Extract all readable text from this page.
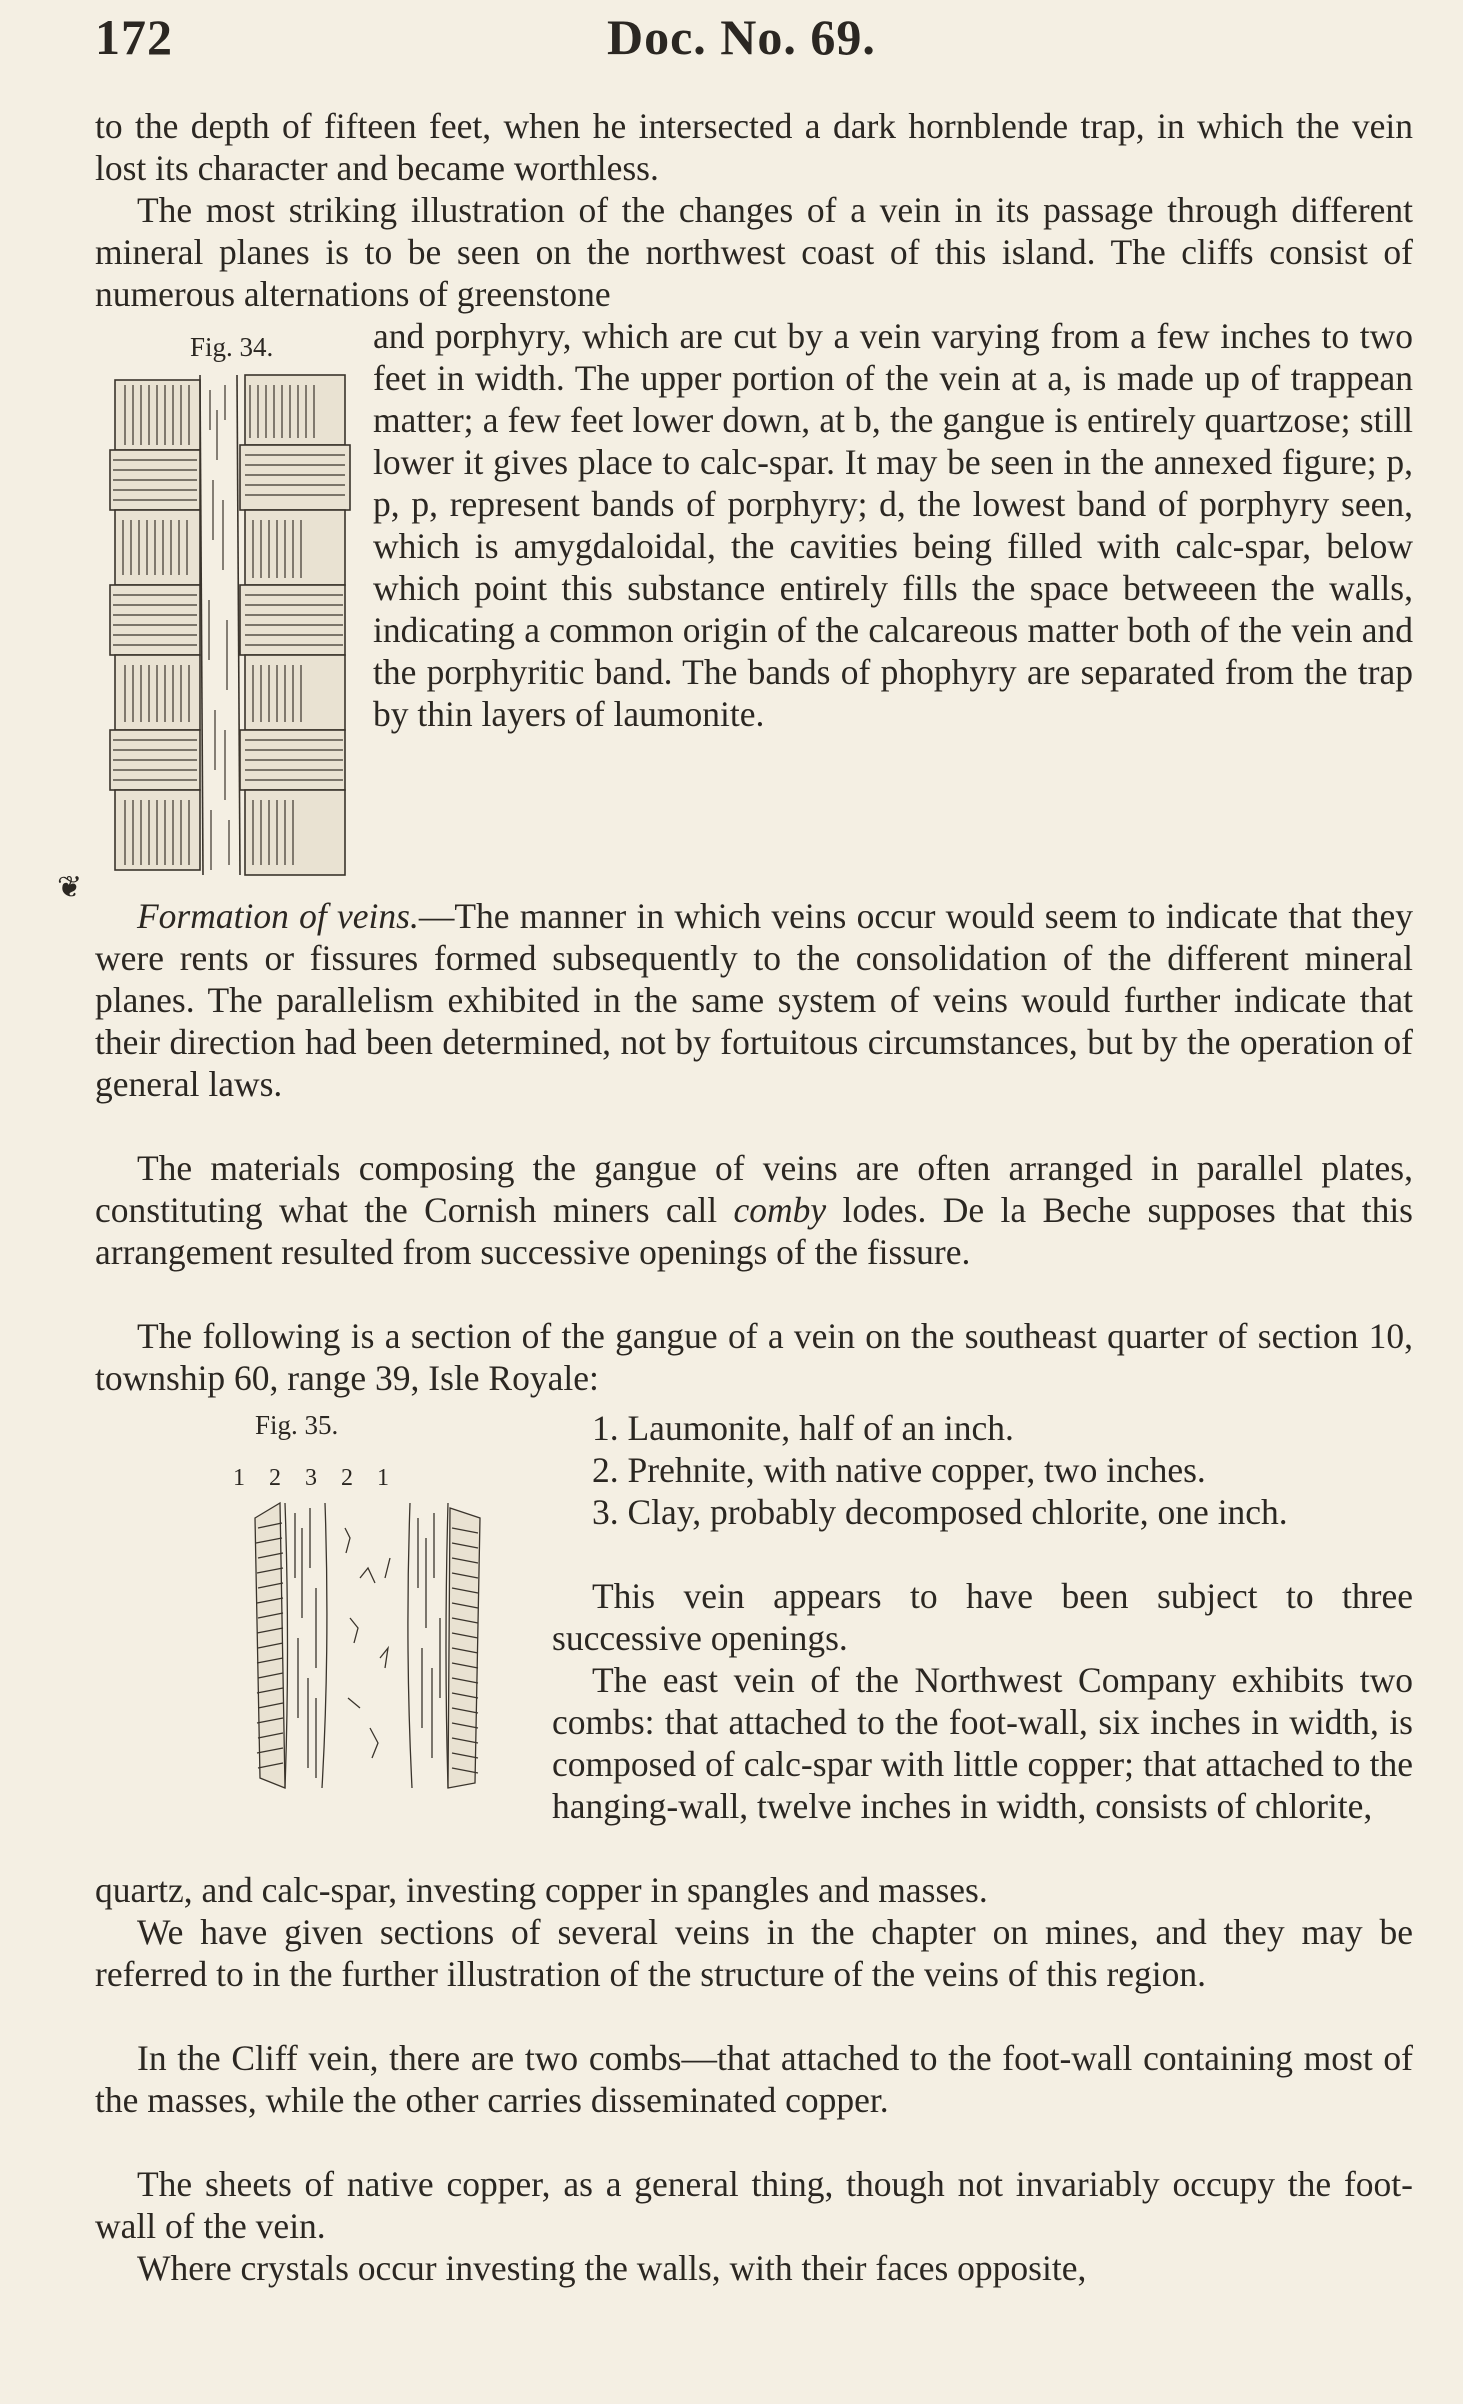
172	Doc. No. 69.

to the depth of fifteen feet, when he intersected a dark hornblende trap, in which the vein lost its character and became worthless.

The most striking illustration of the changes of a vein in its passage through different mineral planes is to be seen on the northwest coast of this island. The cliffs consist of numerous alternations of greenstone

Fig. 34.	and porphyry, which are cut by a vein varying from a few inches to two feet in width. The upper portion of the vein at a, is made up of trappean matter; a few feet lower down, at b, the gangue is entirely quartzose; still lower it gives place to calc-spar. It may be seen in the annexed figure; p, p, p, represent bands of porphyry; d, the lowest band of porphyry seen, which is amygdaloidal, the cavities being filled with calc-spar, below which point this substance entirely fills the space betweeen the walls, indicating a common origin of the calcareous matter both of the vein and the porphyritic band. The bands of phophyry are separated from the trap by thin layers of laumonite.

❦

Formation of veins.—The manner in which veins occur would seem to indicate that they were rents or fissures formed subsequently to the consolidation of the different mineral planes. The parallelism exhibited in the same system of veins would further indicate that their direction had been determined, not by fortuitous circumstances, but by the operation of general laws.

The materials composing the gangue of veins are often arranged in parallel plates, constituting what the Cornish miners call comby lodes. De la Beche supposes that this arrangement resulted from successive openings of the fissure.

The following is a section of the gangue of a vein on the southeast quarter of section 10, township 60, range 39, Isle Royale:

Fig. 35.
1 2 3 2 1
1. Laumonite, half of an inch.
2. Prehnite, with native copper, two inches.
3. Clay, probably decomposed chlorite, one inch.

This vein appears to have been subject to three successive openings.

The east vein of the Northwest Company exhibits two combs: that attached to the foot-wall, six inches in width, is composed of calc-spar with little copper; that attached to the hanging-wall, twelve inches in width, consists of chlorite,

quartz, and calc-spar, investing copper in spangles and masses.

We have given sections of several veins in the chapter on mines, and they may be referred to in the further illustration of the structure of the veins of this region.

In the Cliff vein, there are two combs—that attached to the foot-wall containing most of the masses, while the other carries disseminated copper.

The sheets of native copper, as a general thing, though not invariably occupy the foot-wall of the vein.

Where crystals occur investing the walls, with their faces opposite,
